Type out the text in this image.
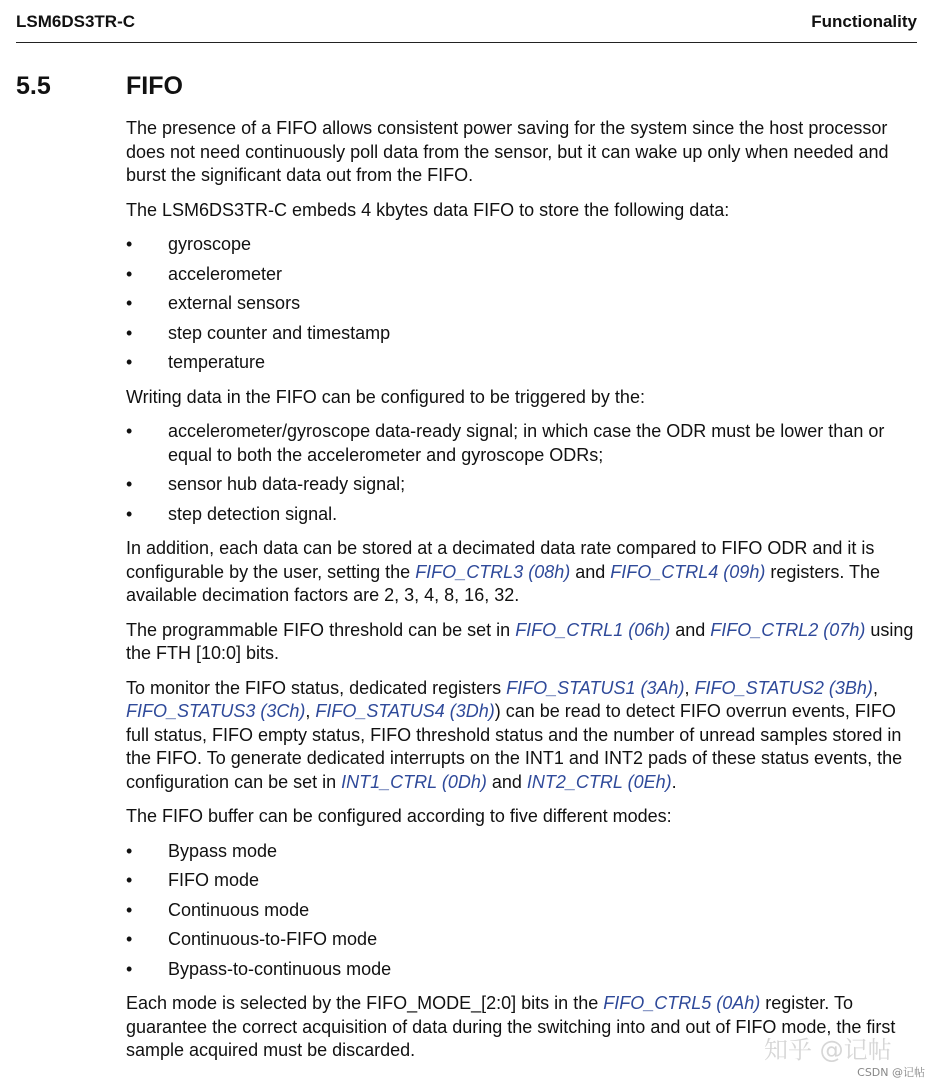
LSM6DS3TR-C	Functionality
5.5	FIFO

The presence of a FIFO allows consistent power saving for the system since the host processor does not need continuously poll data from the sensor, but it can wake up only when needed and burst the significant data out from the FIFO.

The LSM6DS3TR-C embeds 4 kbytes data FIFO to store the following data:

• gyroscope
• accelerometer
• external sensors
• step counter and timestamp
• temperature

Writing data in the FIFO can be configured to be triggered by the:

• accelerometer/gyroscope data-ready signal; in which case the ODR must be lower than or equal to both the accelerometer and gyroscope ODRs;
• sensor hub data-ready signal;
• step detection signal.

In addition, each data can be stored at a decimated data rate compared to FIFO ODR and it is configurable by the user, setting the FIFO_CTRL3 (08h) and FIFO_CTRL4 (09h) registers. The available decimation factors are 2, 3, 4, 8, 16, 32.

The programmable FIFO threshold can be set in FIFO_CTRL1 (06h) and FIFO_CTRL2 (07h) using the FTH [10:0] bits.

To monitor the FIFO status, dedicated registers FIFO_STATUS1 (3Ah), FIFO_STATUS2 (3Bh), FIFO_STATUS3 (3Ch), FIFO_STATUS4 (3Dh)) can be read to detect FIFO overrun events, FIFO full status, FIFO empty status, FIFO threshold status and the number of unread samples stored in the FIFO. To generate dedicated interrupts on the INT1 and INT2 pads of these status events, the configuration can be set in INT1_CTRL (0Dh) and INT2_CTRL (0Eh).

The FIFO buffer can be configured according to five different modes:

• Bypass mode
• FIFO mode
• Continuous mode
• Continuous-to-FIFO mode
• Bypass-to-continuous mode

Each mode is selected by the FIFO_MODE_[2:0] bits in the FIFO_CTRL5 (0Ah) register. To guarantee the correct acquisition of data during the switching into and out of FIFO mode, the first sample acquired must be discarded.	知乎 @记帖
CSDN @记帖
